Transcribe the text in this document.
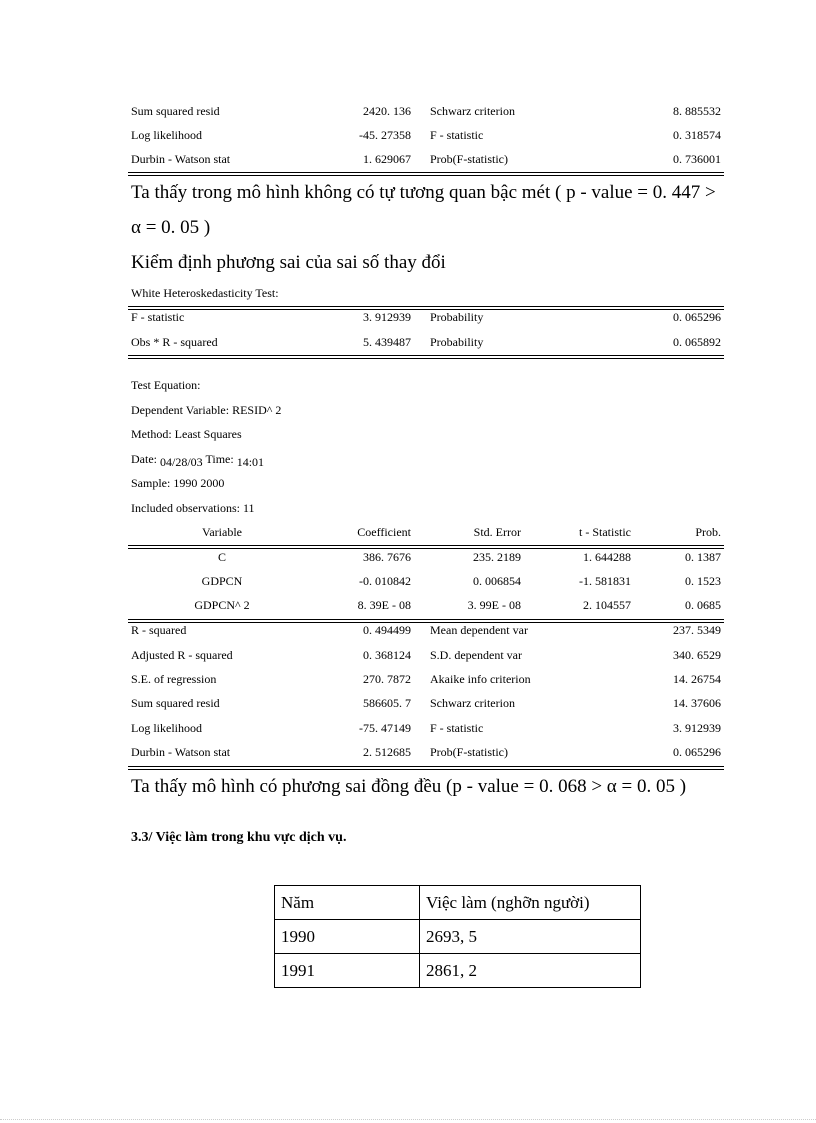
Sum squared resid	2420. 136 Schwarz criterion	8. 885532
Log likelihood	-45. 27358 F - statistic	0. 318574
Durbin - Watson stat	1. 629067 Prob(F-statistic)	0. 736001
Ta thấy trong mô hình không có tự tương quan bậc mét ( p - value = 0. 447 >
α = 0. 05 )
Kiểm định phương sai của sai số thay đổi
White Heteroskedasticity Test:
F - statistic	3. 912939 Probability	0. 065296
Obs * R - squared	5. 439487 Probability	0. 065892
Test Equation:
Dependent Variable: RESID^ 2
Method: Least Squares
Date: 04/28/03 Time: 14:01
Sample: 1990 2000
Included observations: 11
Variable	Coefficient	Std. Error	t - Statistic	Prob.
C	386. 7676	235. 2189	1. 644288	0. 1387
GDPCN	-0. 010842	0. 006854	-1. 581831	0. 1523
GDPCN^ 2	8. 39E - 08	3. 99E - 08	2. 104557	0. 0685
R - squared	0. 494499 Mean dependent var	237. 5349
Adjusted R - squared	0. 368124 S.D. dependent var	340. 6529
S.E. of regression	270. 7872 Akaike info criterion	14. 26754
Sum squared resid	586605. 7 Schwarz criterion	14. 37606
Log likelihood	-75. 47149 F - statistic	3. 912939
Durbin - Watson stat	2. 512685 Prob(F-statistic)	0. 065296
Ta thấy mô hình có phương sai đồng đều (p - value = 0. 068 > α = 0. 05 )
3.3/ Việc làm trong khu vực dịch vụ.
Năm	Việc làm (nghỡn người)
1990	2693, 5
1991	2861, 2
